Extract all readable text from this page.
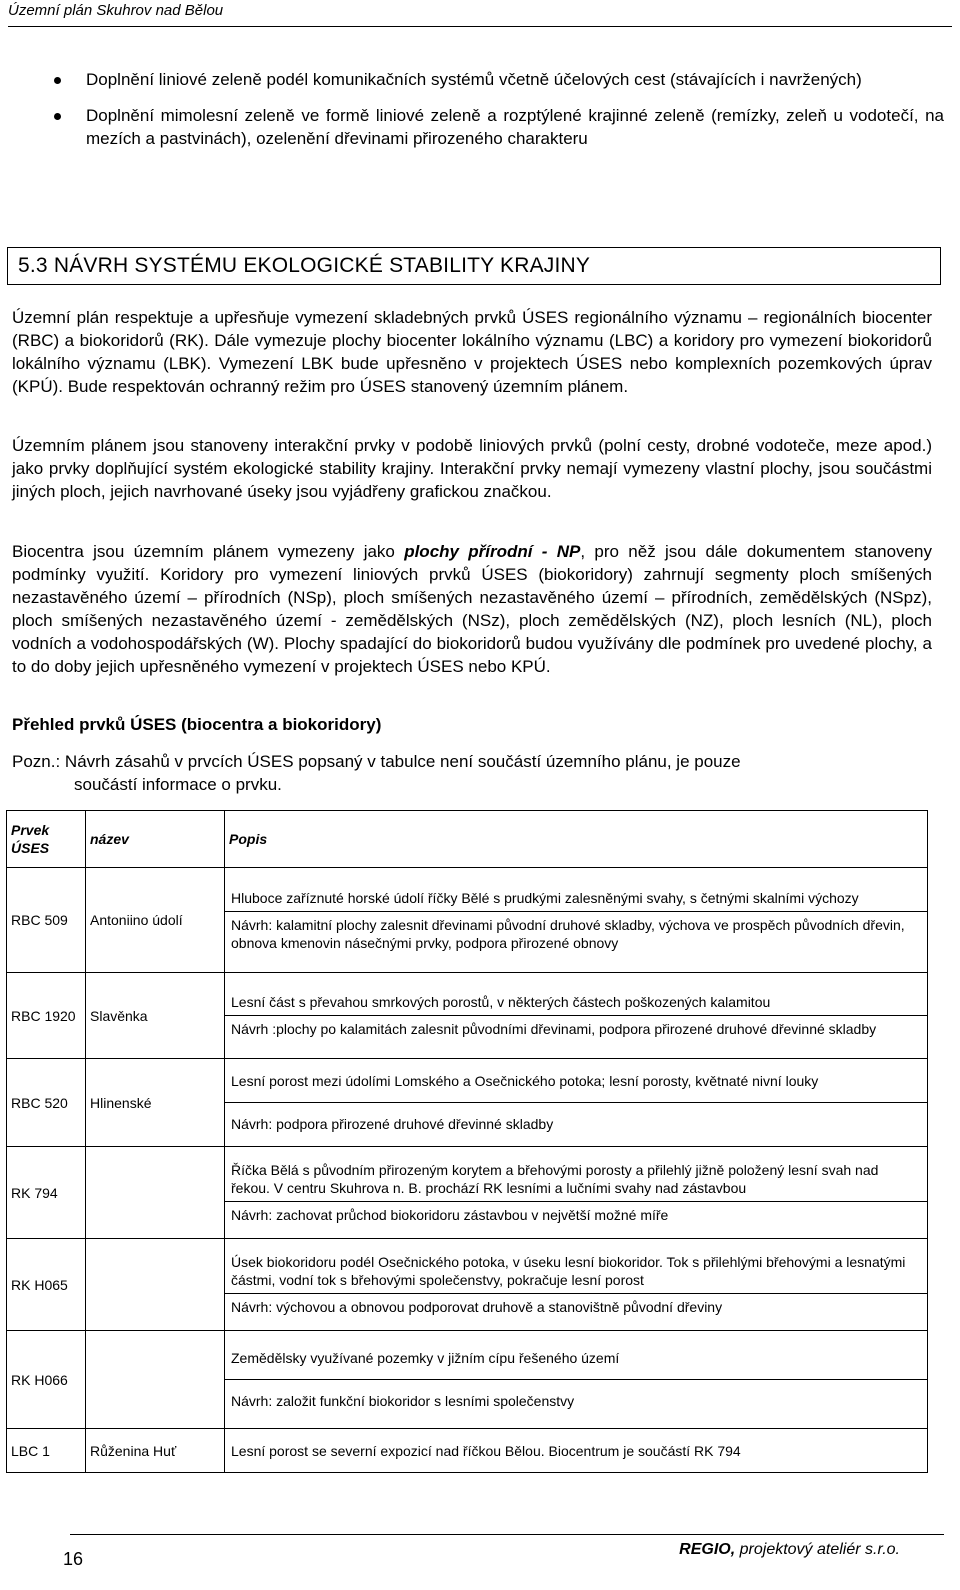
Územní plán Skuhrov nad Bělou
Doplnění liniové zeleně podél komunikačních systémů včetně účelových cest (stávajících i navržených)
Doplnění mimolesní zeleně ve formě liniové zeleně a rozptýlené krajinné zeleně (remízky, zeleň u vodotečí, na mezích a pastvinách), ozelenění dřevinami přirozeného charakteru
5.3 NÁVRH SYSTÉMU EKOLOGICKÉ STABILITY KRAJINY

Územní plán respektuje a upřesňuje vymezení skladebných prvků ÚSES regionálního významu – regionálních biocenter (RBC) a biokoridorů (RK). Dále vymezuje plochy biocenter lokálního významu (LBC) a koridory pro vymezení biokoridorů lokálního významu (LBK). Vymezení LBK bude upřesněno v projektech ÚSES nebo komplexních pozemkových úprav (KPÚ). Bude respektován ochranný režim pro ÚSES stanovený územním plánem.

Územním plánem jsou stanoveny interakční prvky v podobě liniových prvků (polní cesty, drobné vodoteče, meze apod.) jako prvky doplňující systém ekologické stability krajiny. Interakční prvky nemají vymezeny vlastní plochy, jsou součástmi jiných ploch, jejich navrhované úseky jsou vyjádřeny grafickou značkou.

Biocentra jsou územním plánem vymezeny jako plochy přírodní - NP, pro něž jsou dále dokumentem stanoveny podmínky využití. Koridory pro vymezení liniových prvků ÚSES (biokoridory) zahrnují segmenty ploch smíšených nezastavěného území – přírodních (NSp), ploch smíšených nezastavěného území – přírodních, zemědělských (NSpz), ploch smíšených nezastavěného území - zemědělských (NSz), ploch zemědělských (NZ), ploch lesních (NL), ploch vodních a vodohospodářských (W). Plochy spadající do biokoridorů budou využívány dle podmínek pro uvedené plochy, a to do doby jejich upřesněného vymezení v projektech ÚSES nebo KPÚ.

Přehled prvků ÚSES (biocentra a biokoridory)
Pozn.: Návrh zásahů v prvcích ÚSES popsaný v tabulce není součástí územního plánu, je pouze
součástí informace o prvku.
Prvek ÚSES	název	Popis
RBC 509	Antoniino údolí	Hluboce zaříznuté horské údolí říčky Bělé s prudkými zalesněnými svahy, s četnými skalními výchozy
Návrh: kalamitní plochy zalesnit dřevinami původní druhové skladby, výchova ve prospěch původních dřevin, obnova kmenovin násečnými prvky, podpora přirozené obnovy

RBC 1920	Slavěnka	Lesní část s převahou smrkových porostů, v některých částech poškozených kalamitou
Návrh :plochy po kalamitách zalesnit původními dřevinami, podpora přirozené druhové dřevinné skladby

RBC 520	Hlinenské	Lesní porost mezi údolími Lomského a Osečnického potoka; lesní porosty, květnaté nivní louky
Návrh: podpora přirozené druhové dřevinné skladby

RK 794		Říčka Bělá s původním přirozeným korytem a břehovými porosty a přilehlý jižně položený lesní svah nad řekou. V centru Skuhrova n. B. prochází RK lesními a lučními svahy nad zástavbou
Návrh: zachovat průchod biokoridoru zástavbou v největší možné míře

RK H065		Úsek biokoridoru podél Osečnického potoka, v úseku lesní biokoridor. Tok s přilehlými břehovými a lesnatými částmi, vodní tok s břehovými společenstvy, pokračuje lesní porost
Návrh: výchovou a obnovou podporovat druhově a stanovištně původní dřeviny

RK H066		Zemědělsky využívané pozemky v jižním cípu řešeného území
Návrh: založit funkční biokoridor s lesními společenstvy

LBC 1	Růženina Huť	Lesní porost se severní expozicí nad říčkou Bělou. Biocentrum je součástí RK 794
16	REGIO, projektový ateliér s.r.o.
